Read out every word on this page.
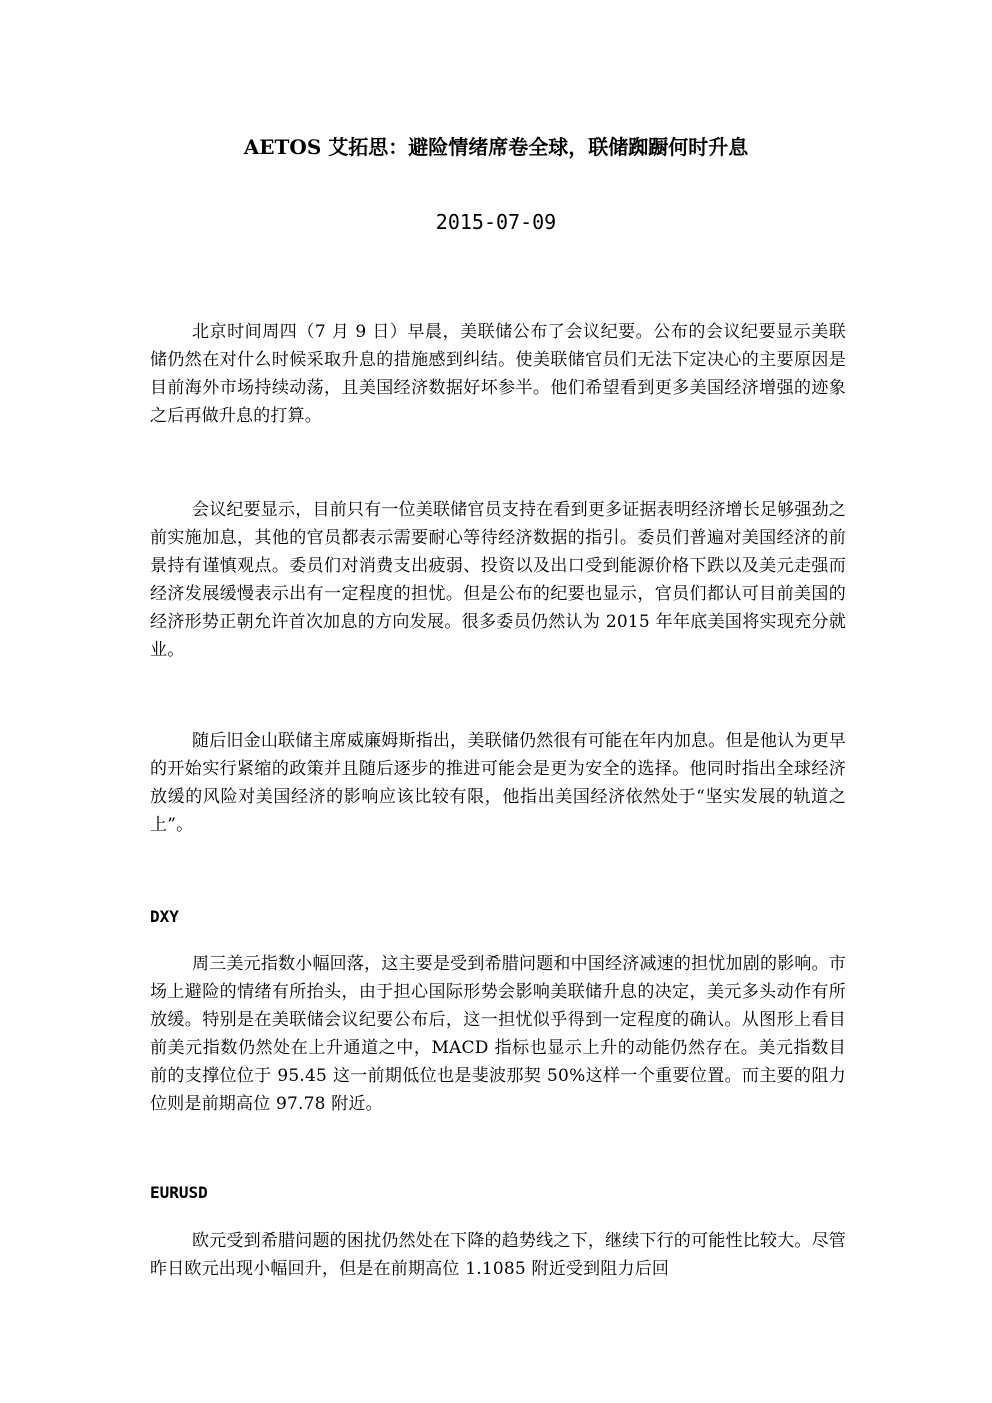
AETOS 艾拓思：避险情绪席卷全球，联储踟蹰何时升息
2015-07-09

北京时间周四（7 月 9 日）早晨，美联储公布了会议纪要。公布的会议纪要显示美联储仍然在对什么时候采取升息的措施感到纠结。使美联储官员们无法下定决心的主要原因是目前海外市场持续动荡，且美国经济数据好坏参半。他们希望看到更多美国经济增强的迹象之后再做升息的打算。

会议纪要显示，目前只有一位美联储官员支持在看到更多证据表明经济增长足够强劲之前实施加息，其他的官员都表示需要耐心等待经济数据的指引。委员们普遍对美国经济的前景持有谨慎观点。委员们对消费支出疲弱、投资以及出口受到能源价格下跌以及美元走强而经济发展缓慢表示出有一定程度的担忧。但是公布的纪要也显示，官员们都认可目前美国的经济形势正朝允许首次加息的方向发展。很多委员仍然认为 2015 年年底美国将实现充分就业。

随后旧金山联储主席威廉姆斯指出，美联储仍然很有可能在年内加息。但是他认为更早的开始实行紧缩的政策并且随后逐步的推进可能会是更为安全的选择。他同时指出全球经济放缓的风险对美国经济的影响应该比较有限，他指出美国经济依然处于“坚实发展的轨道之上”。

DXY

周三美元指数小幅回落，这主要是受到希腊问题和中国经济减速的担忧加剧的影响。市场上避险的情绪有所抬头，由于担心国际形势会影响美联储升息的决定，美元多头动作有所放缓。特别是在美联储会议纪要公布后，这一担忧似乎得到一定程度的确认。从图形上看目前美元指数仍然处在上升通道之中，MACD 指标也显示上升的动能仍然存在。美元指数目前的支撑位位于 95.45 这一前期低位也是斐波那契 50%这样一个重要位置。而主要的阻力位则是前期高位 97.78 附近。

EURUSD

欧元受到希腊问题的困扰仍然处在下降的趋势线之下，继续下行的可能性比较大。尽管昨日欧元出现小幅回升，但是在前期高位 1.1085 附近受到阻力后回
